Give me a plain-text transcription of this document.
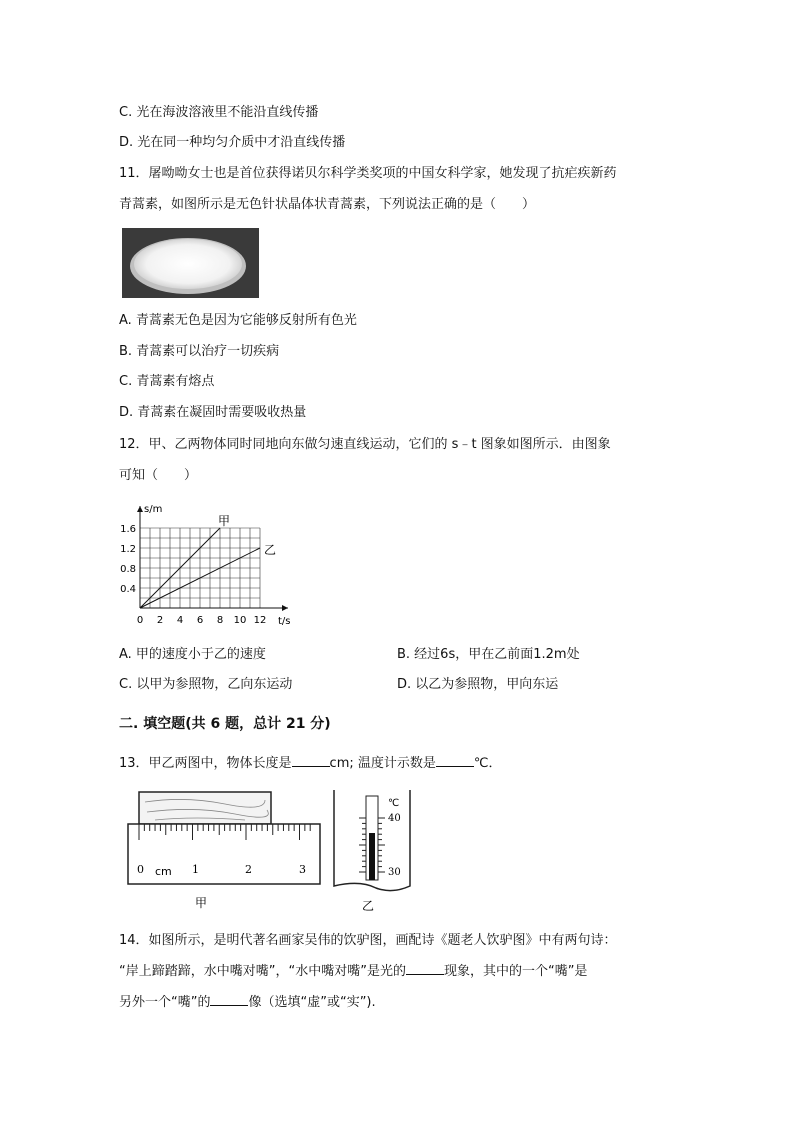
C. 光在海波溶液里不能沿直线传播
D. 光在同一种均匀介质中才沿直线传播
11．屠呦呦女士也是首位获得诺贝尔科学类奖项的中国女科学家，她发现了抗疟疾新药
青蒿素，如图所示是无色针状晶体状青蒿素，下列说法正确的是（　　）
A. 青蒿素无色是因为它能够反射所有色光
B. 青蒿素可以治疗一切疾病
C. 青蒿素有熔点
D. 青蒿素在凝固时需要吸收热量
12．甲、乙两物体同时同地向东做匀速直线运动，它们的 s﹣t 图象如图所示．由图象
可知（　　）
0 2 4 6 8 10 12
0.4
0.8
1.2
1.6
t/s
s/m
甲
乙
A. 甲的速度小于乙的速度	B. 经过6s，甲在乙前面1.2m处
C. 以甲为参照物，乙向东运动	D. 以乙为参照物，甲向东运
二. 填空题(共 6 题，总计 21 分)
13．甲乙两图中，物体长度是	cm; 温度计示数是	℃．
0 cm 1	2	3
甲
℃
40
30
乙
14．如图所示，是明代著名画家吴伟的饮驴图，画配诗《题老人饮驴图》中有两句诗：
“岸上蹄踏蹄，水中嘴对嘴”，“水中嘴对嘴”是光的	现象，其中的一个“嘴”是
另外一个“嘴”的	像（选填“虚”或“实”).
